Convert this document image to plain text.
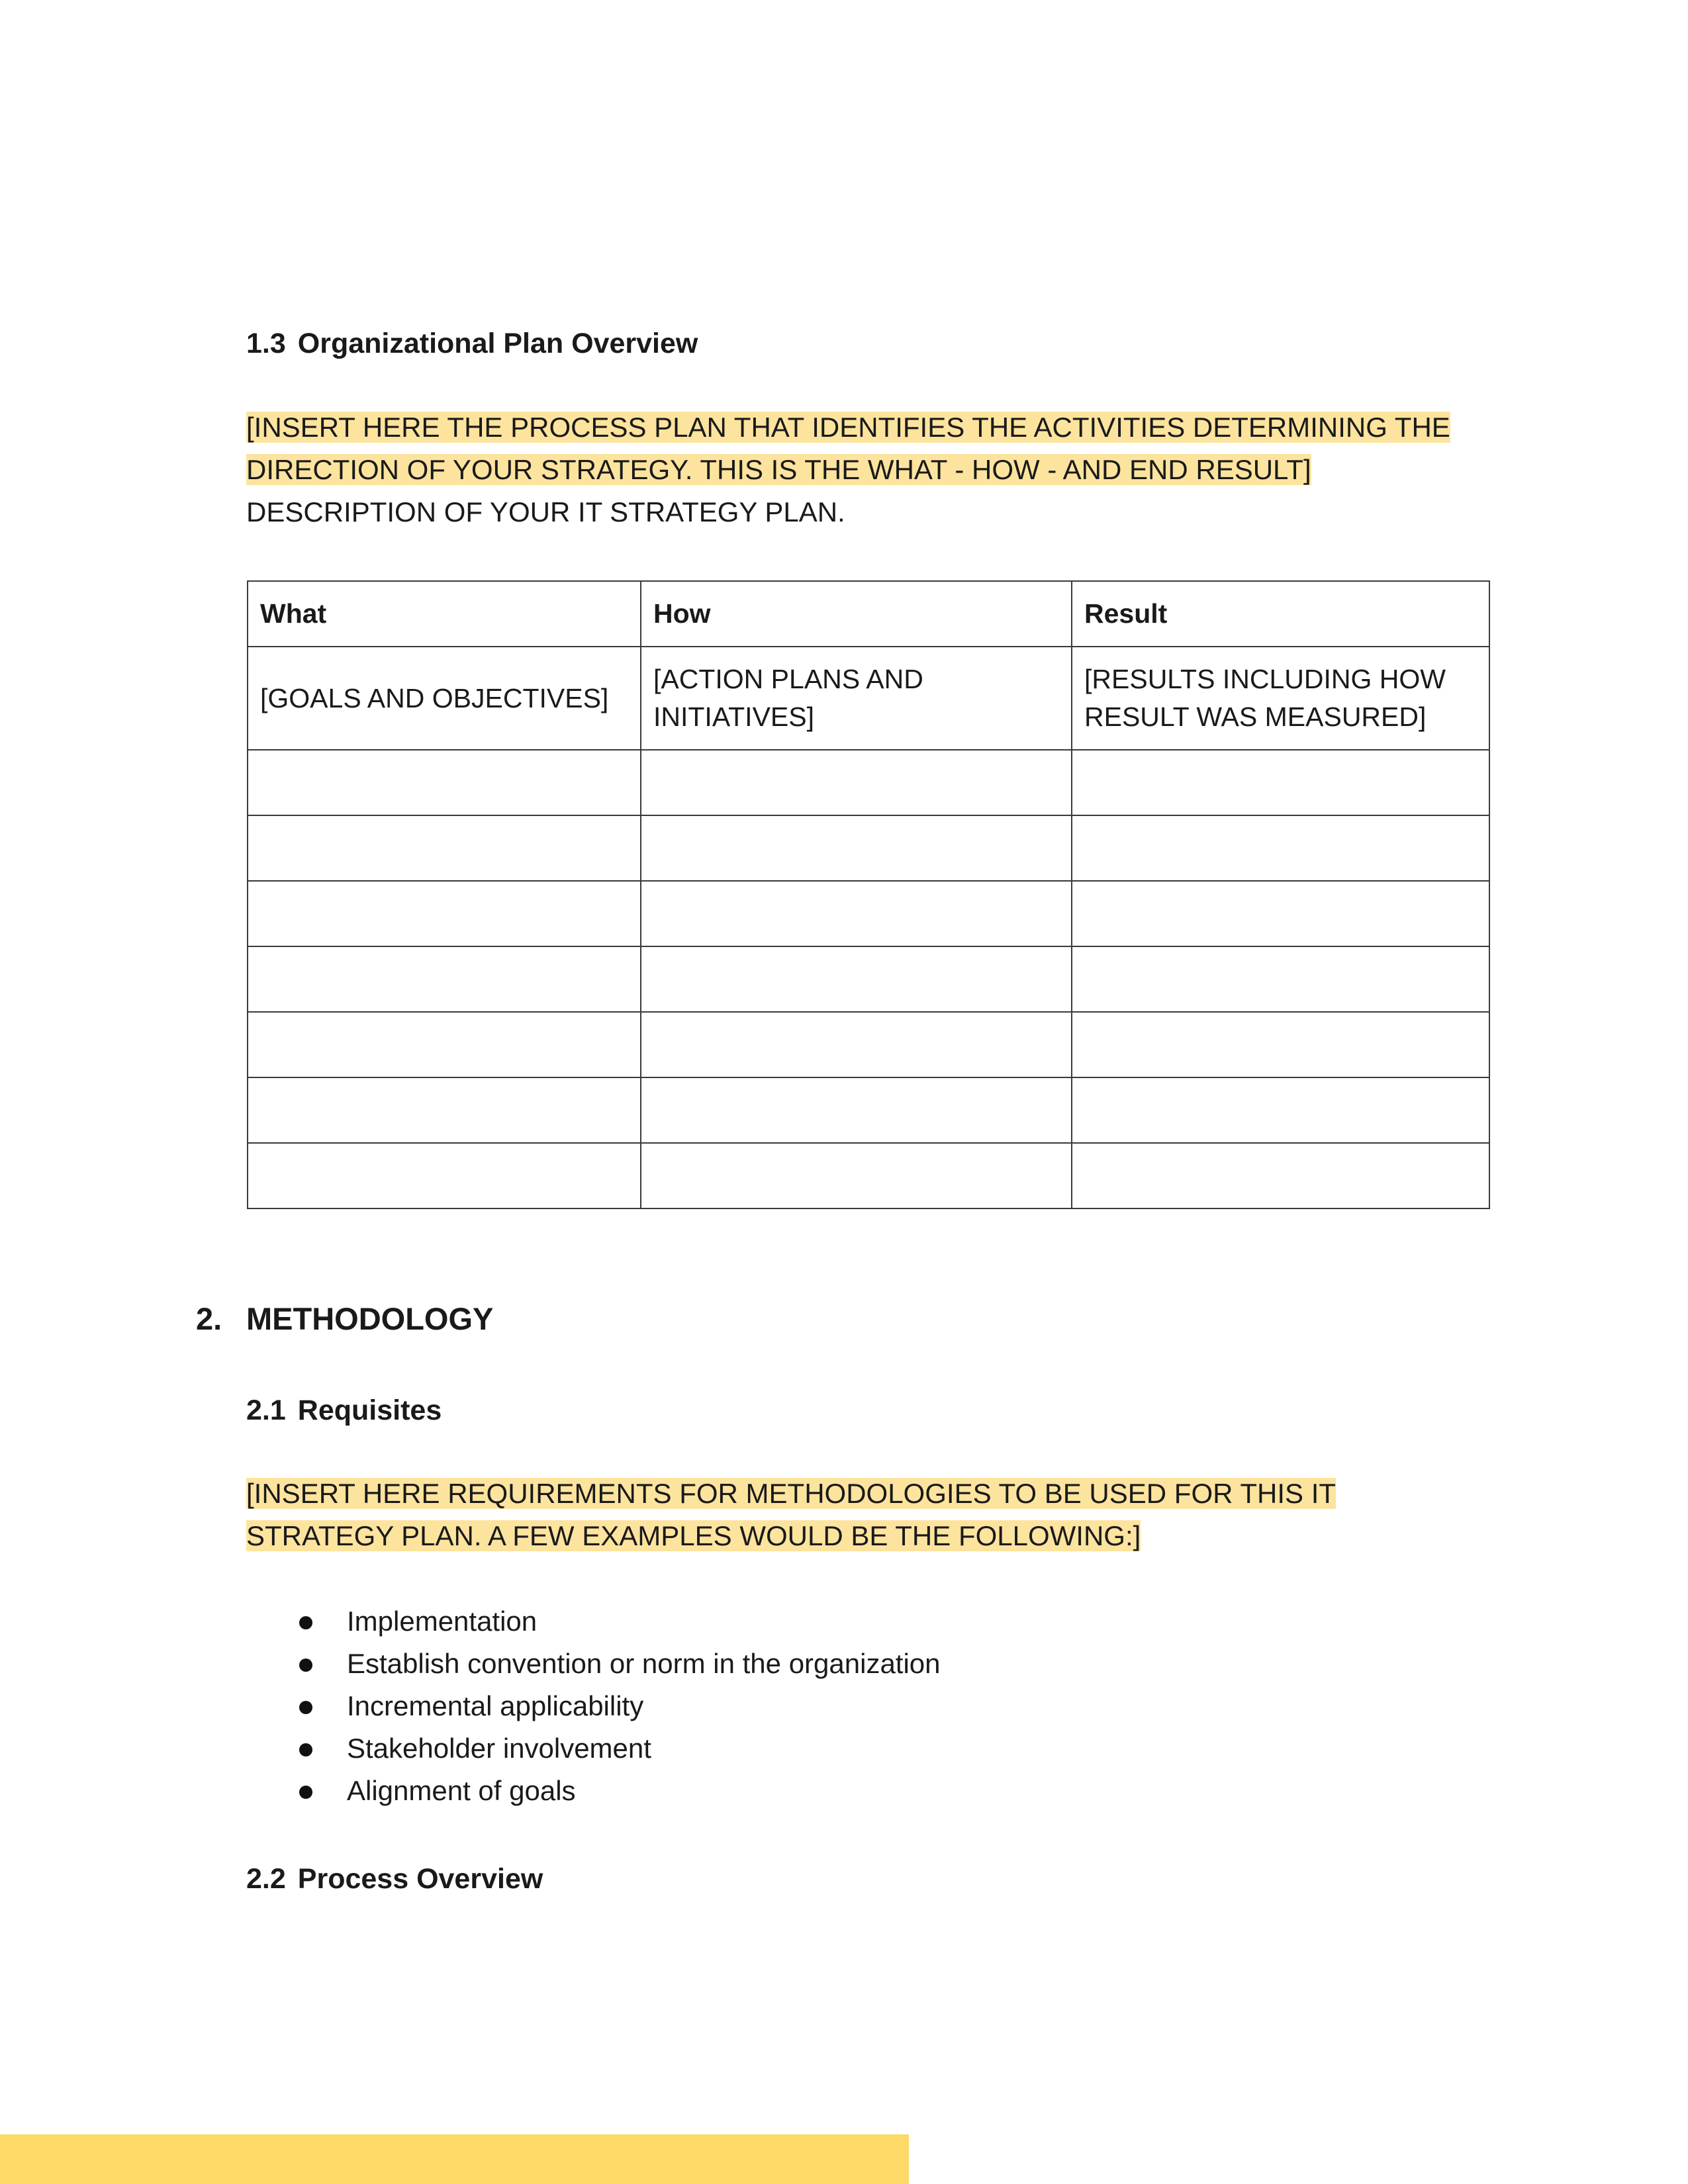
1.3 Organizational Plan Overview
[INSERT HERE THE PROCESS PLAN THAT IDENTIFIES THE ACTIVITIES DETERMINING THE DIRECTION OF YOUR STRATEGY. THIS IS THE WHAT - HOW - AND END RESULT] DESCRIPTION OF YOUR IT STRATEGY PLAN.
What	How	Result
[GOALS AND OBJECTIVES]	[ACTION PLANS AND INITIATIVES]	[RESULTS INCLUDING HOW RESULT WAS MEASURED]

2. METHODOLOGY
2.1 Requisites
[INSERT HERE REQUIREMENTS FOR METHODOLOGIES TO BE USED FOR THIS IT STRATEGY PLAN. A FEW EXAMPLES WOULD BE THE FOLLOWING:]
Implementation
Establish convention or norm in the organization
Incremental applicability
Stakeholder involvement
Alignment of goals
2.2 Process Overview
